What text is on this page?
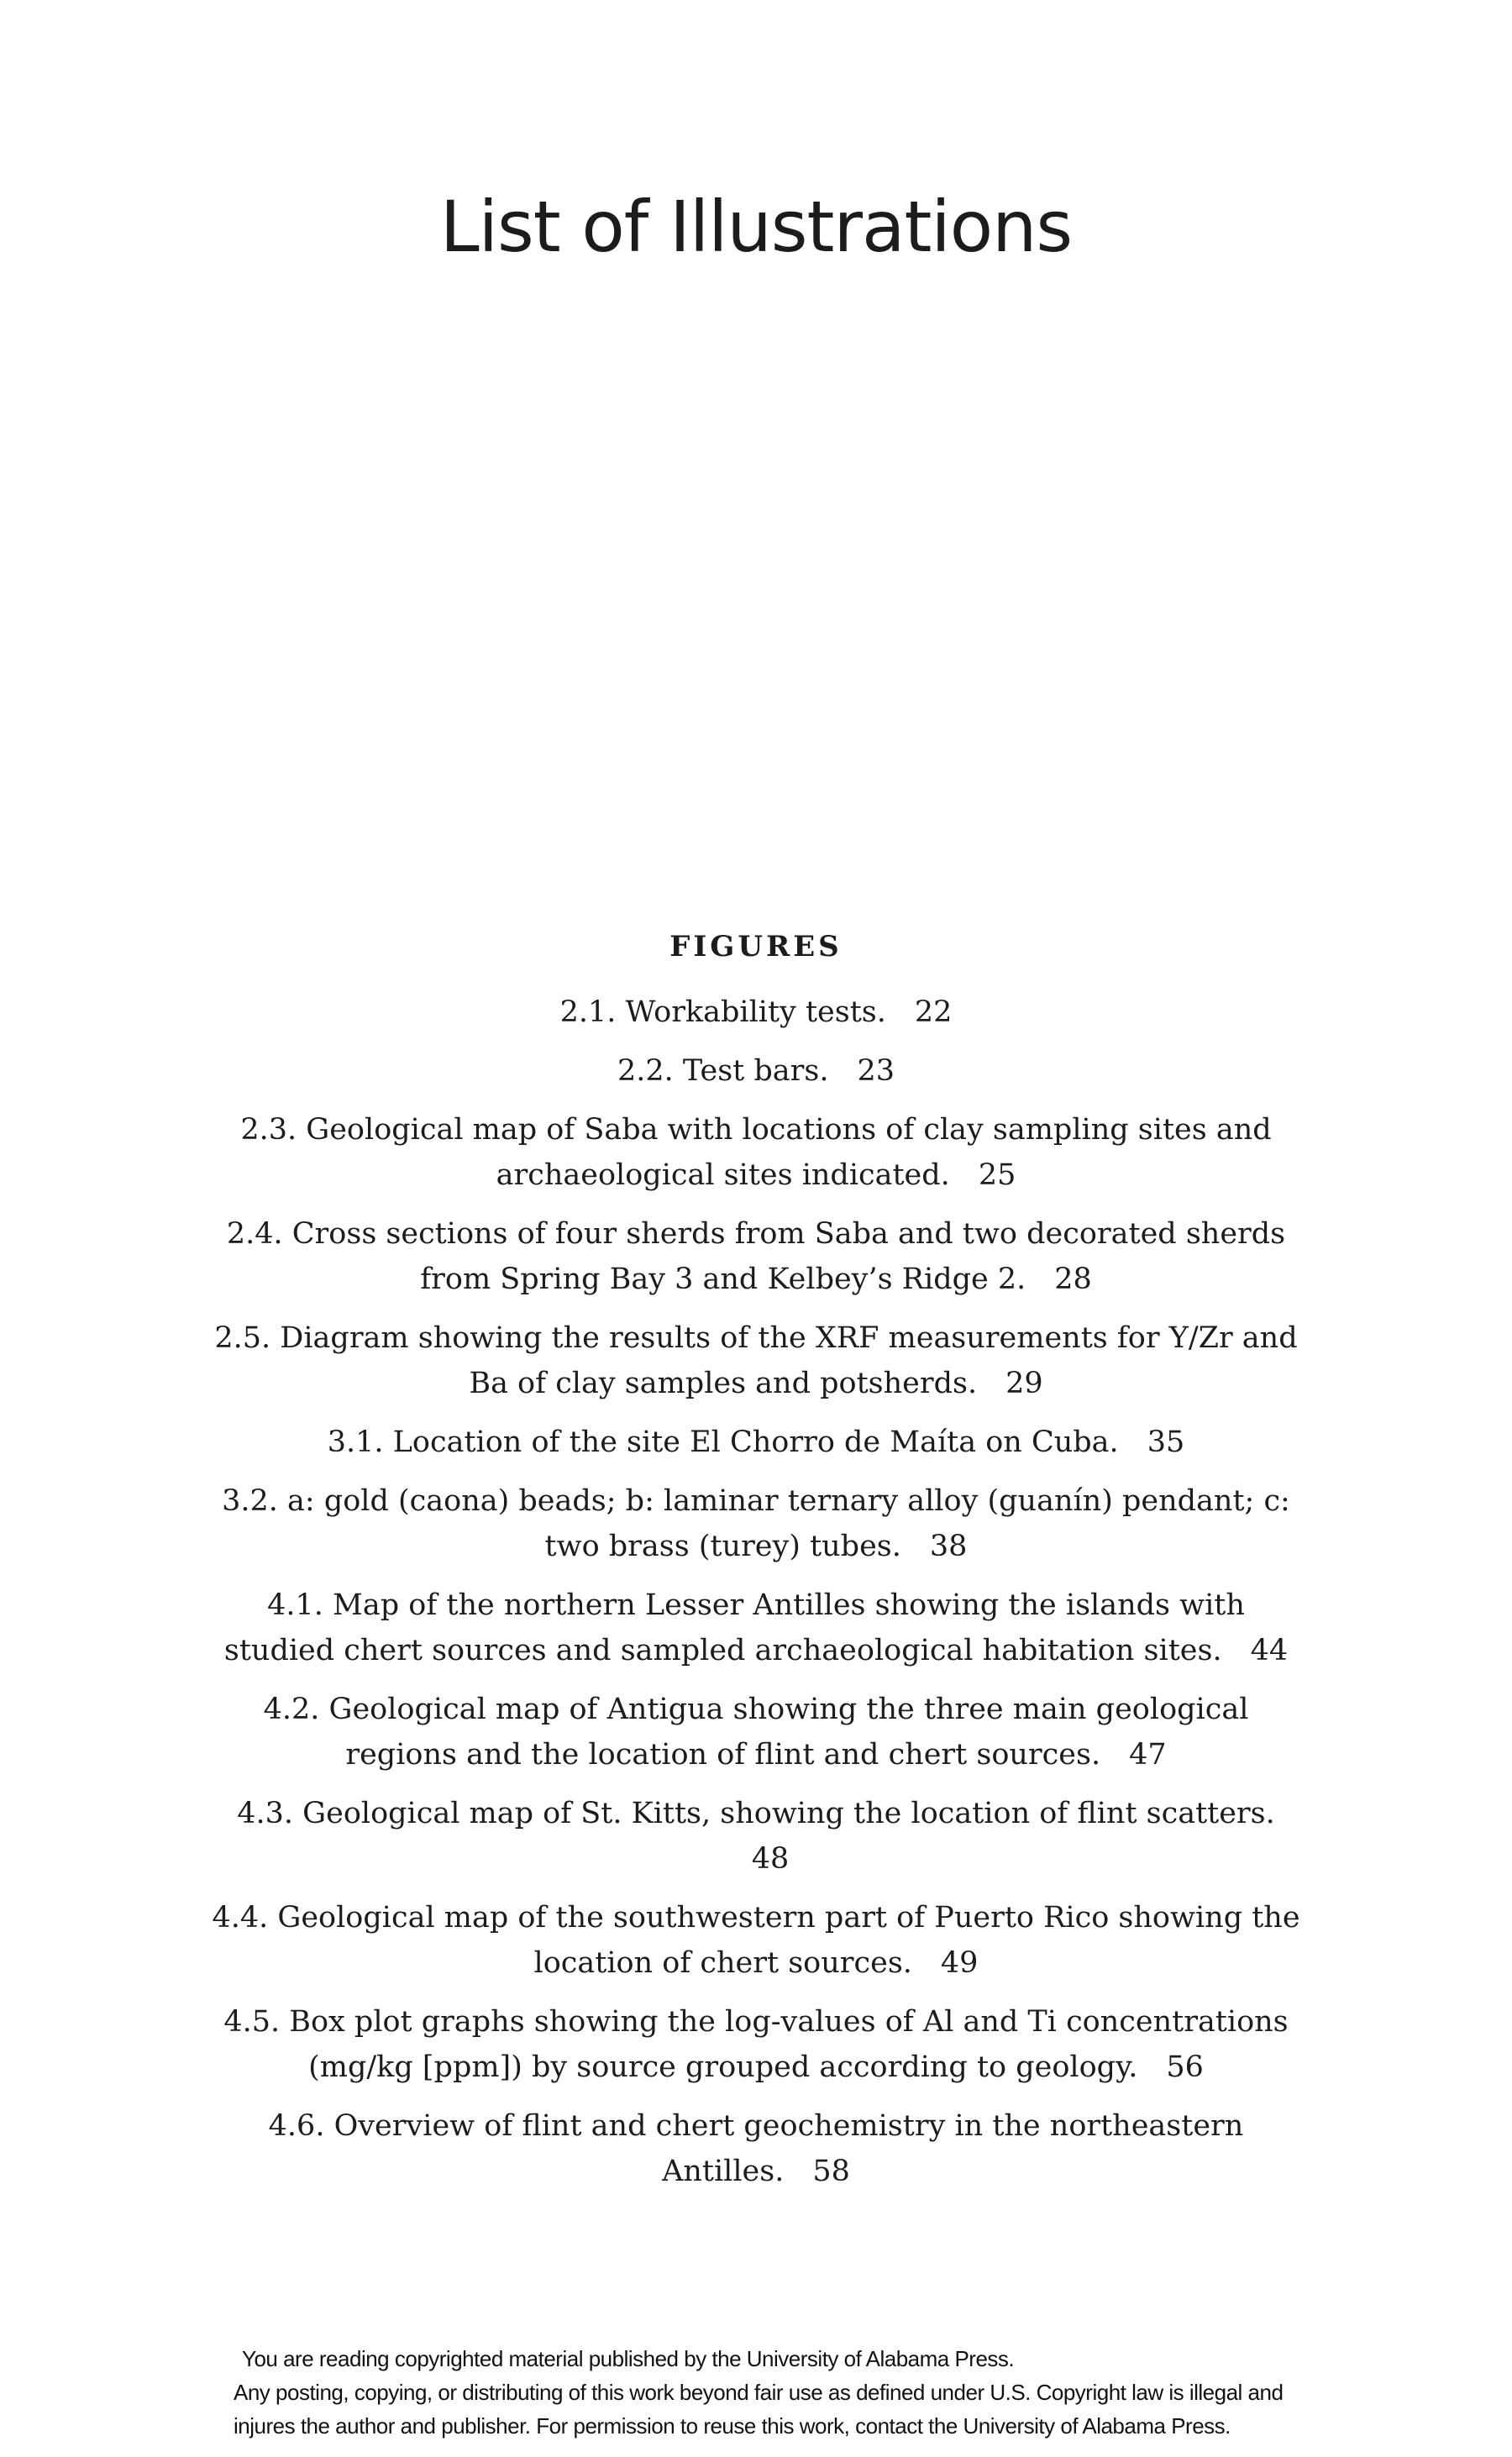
List of Illustrations
FIGURES
2.1. Workability tests. 22
2.2. Test bars. 23
2.3. Geological map of Saba with locations of clay sampling sites and archaeological sites indicated. 25
2.4. Cross sections of four sherds from Saba and two decorated sherds from Spring Bay 3 and Kelbey’s Ridge 2. 28
2.5. Diagram showing the results of the XRF measurements for Y/Zr and Ba of clay samples and potsherds. 29
3.1. Location of the site El Chorro de Maíta on Cuba. 35
3.2. a: gold (caona) beads; b: laminar ternary alloy (guanín) pendant; c: two brass (turey) tubes. 38
4.1. Map of the northern Lesser Antilles showing the islands with studied chert sources and sampled archaeological habitation sites. 44
4.2. Geological map of Antigua showing the three main geological regions and the location of flint and chert sources. 47
4.3. Geological map of St. Kitts, showing the location of flint scatters.48
4.4. Geological map of the southwestern part of Puerto Rico showing the location of chert sources. 49
4.5. Box plot graphs showing the log-values of Al and Ti concentrations (mg/kg [ppm]) by source grouped according to geology. 56
4.6. Overview of flint and chert geochemistry in the northeastern Antilles. 58
You are reading copyrighted material published by the University of Alabama Press.
Any posting, copying, or distributing of this work beyond fair use as defined under U.S. Copyright law is illegal and
injures the author and publisher. For permission to reuse this work, contact the University of Alabama Press.
